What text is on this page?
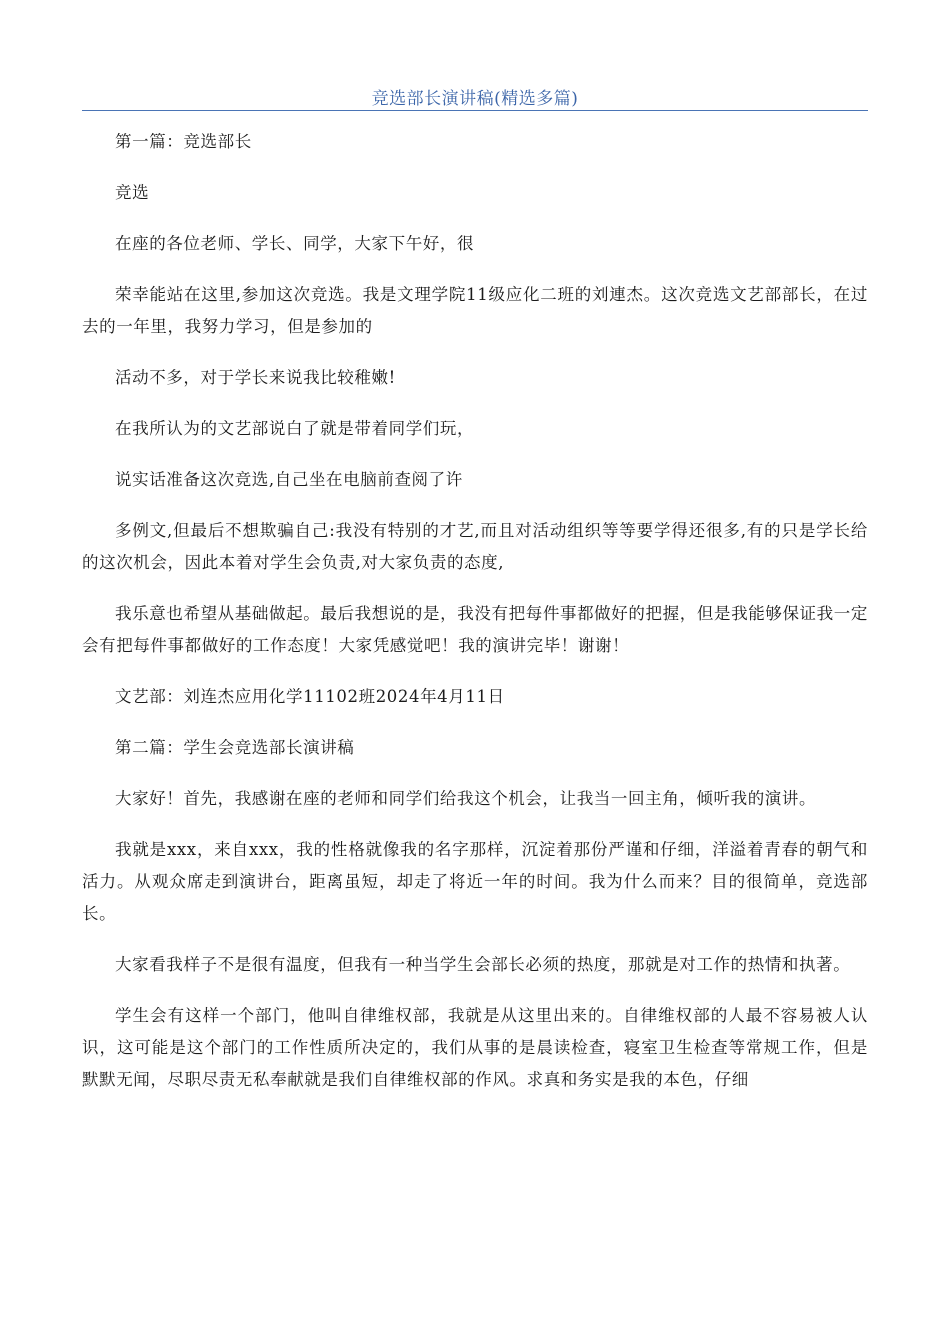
竞选部长演讲稿(精选多篇)

第一篇：竞选部长

竞选

在座的各位老师、学长、同学，大家下午好，很

荣幸能站在这里,参加这次竞选。我是文理学院11级应化二班的刘連杰。这次竞选文艺部部长，在过去的一年里，我努力学习，但是参加的

活动不多，对于学长来说我比较稚嫩!

在我所认为的文艺部说白了就是带着同学们玩，

说实话准备这次竞选,自己坐在电脑前查阅了许

多例文,但最后不想欺骗自己:我没有特别的才艺,而且对活动组织等等要学得还很多,有的只是学长给的这次机会，因此本着对学生会负责,对大家负责的态度,

我乐意也希望从基础做起。最后我想说的是，我没有把每件事都做好的把握，但是我能够保证我一定会有把每件事都做好的工作态度！大家凭感觉吧！我的演讲完毕！谢谢！

文艺部：刘连杰应用化学11102班2024年4月11日

第二篇：学生会竞选部长演讲稿

大家好！首先，我感谢在座的老师和同学们给我这个机会，让我当一回主角，倾听我的演讲。

我就是xxx，来自xxx，我的性格就像我的名字那样，沉淀着那份严谨和仔细，洋溢着青春的朝气和活力。从观众席走到演讲台，距离虽短，却走了将近一年的时间。我为什么而来？目的很简单，竞选部长。

大家看我样子不是很有温度，但我有一种当学生会部长必须的热度，那就是对工作的热情和执著。

学生会有这样一个部门，他叫自律维权部，我就是从这里出来的。自律维权部的人最不容易被人认识，这可能是这个部门的工作性质所决定的，我们从事的是晨读检查，寝室卫生检查等常规工作，但是默默无闻，尽职尽责无私奉献就是我们自律维权部的作风。求真和务实是我的本色，仔细
